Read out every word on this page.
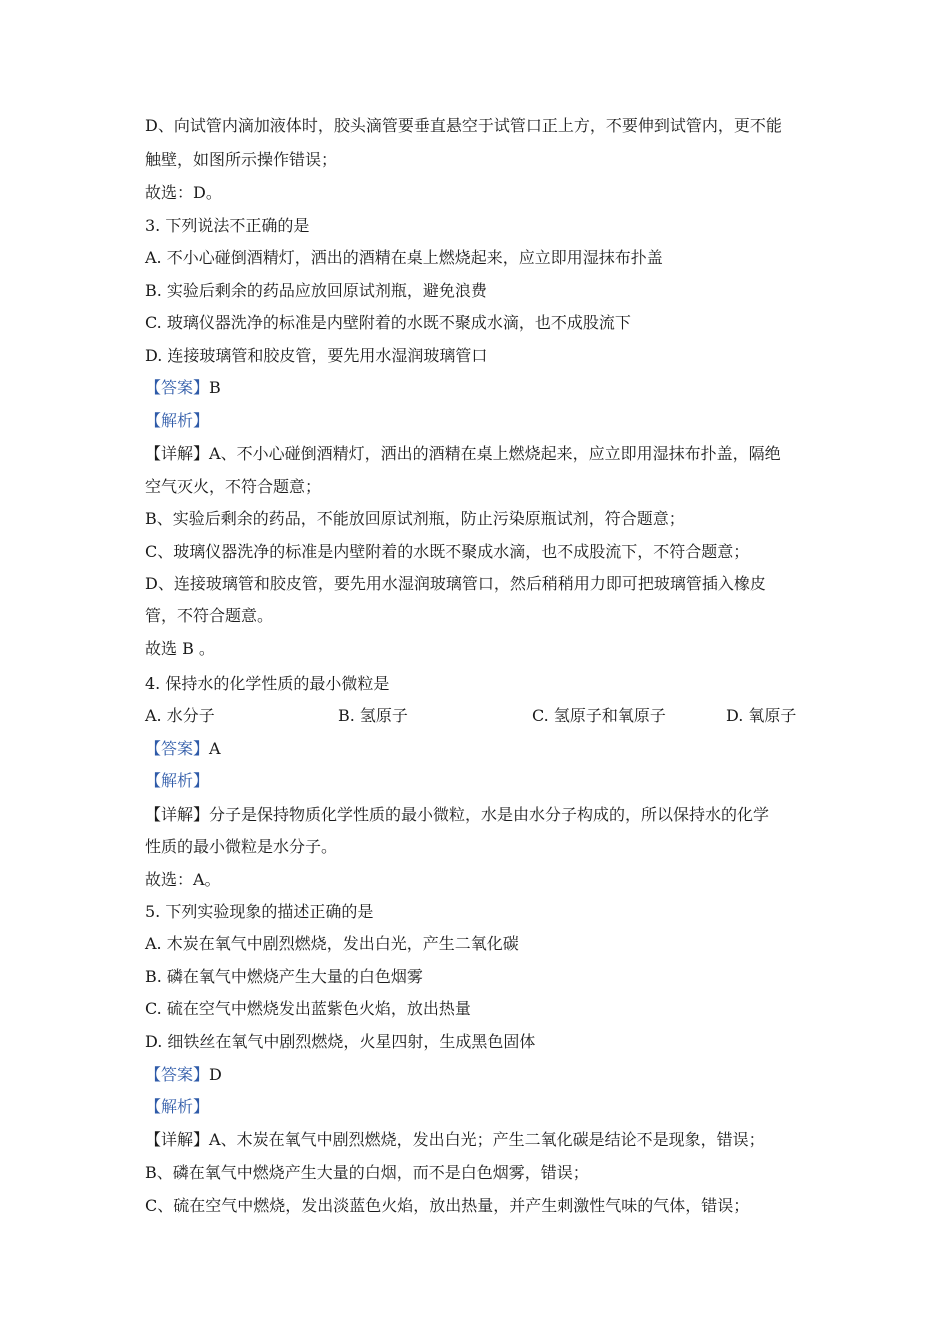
D、向试管内滴加液体时，胶头滴管要垂直悬空于试管口正上方，不要伸到试管内，更不能
触壁，如图所示操作错误；
故选：D。
3. 下列说法不正确的是
A. 不小心碰倒酒精灯，洒出的酒精在桌上燃烧起来，应立即用湿抹布扑盖
B. 实验后剩余的药品应放回原试剂瓶，避免浪费
C. 玻璃仪器洗净的标准是内壁附着的水既不聚成水滴，也不成股流下
D. 连接玻璃管和胶皮管，要先用水湿润玻璃管口
【答案】B
【解析】
【详解】A、不小心碰倒酒精灯，洒出的酒精在桌上燃烧起来，应立即用湿抹布扑盖，隔绝
空气灭火，不符合题意；
B、实验后剩余的药品，不能放回原试剂瓶，防止污染原瓶试剂，符合题意；
C、玻璃仪器洗净的标准是内壁附着的水既不聚成水滴，也不成股流下，不符合题意；
D、连接玻璃管和胶皮管，要先用水湿润玻璃管口，然后稍稍用力即可把玻璃管插入橡皮
管，不符合题意。
故选 B 。
4. 保持水的化学性质的最小微粒是
A. 水分子	B. 氢原子	C. 氢原子和氧原子	D. 氧原子
【答案】A
【解析】
【详解】分子是保持物质化学性质的最小微粒，水是由水分子构成的，所以保持水的化学
性质的最小微粒是水分子。
故选：A。
5. 下列实验现象的描述正确的是
A. 木炭在氧气中剧烈燃烧，发出白光，产生二氧化碳
B. 磷在氧气中燃烧产生大量的白色烟雾
C. 硫在空气中燃烧发出蓝紫色火焰，放出热量
D. 细铁丝在氧气中剧烈燃烧，火星四射，生成黑色固体
【答案】D
【解析】
【详解】A、木炭在氧气中剧烈燃烧，发出白光；产生二氧化碳是结论不是现象，错误；
B、磷在氧气中燃烧产生大量的白烟，而不是白色烟雾，错误；
C、硫在空气中燃烧，发出淡蓝色火焰，放出热量，并产生刺激性气味的气体，错误；
